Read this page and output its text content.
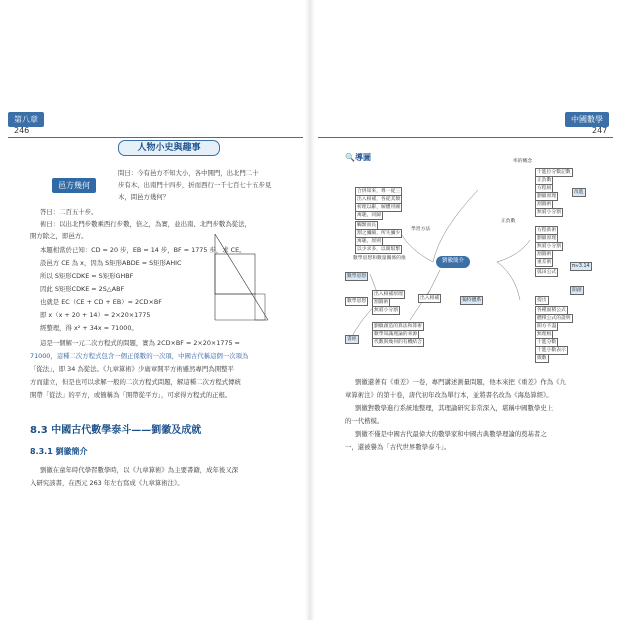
第八章
246
人物小史與趣事
邑方幾何
問曰：今有邑方不知大小，各中開門，出北門二十
步有木，出南門十四步，折而西行一千七百七十五步見
木，問邑方幾何？
答曰：二百五十步。
術曰：以出北門步數乘西行步數，倍之，為實，並出南、北門步數為從法，
開方除之，即邑方。
本題相當於已知：CD = 20 步，EB = 14 步，BF = 1775 步，求 CE。
設邑方 CE 為 x，因為 S矩形ABDE = S矩形AHIC
所以 S矩形CDKE = S矩形GHBF
因此 S矩形CDKE = 2S△ABF
也就是 EC（CE + CD + EB）= 2CD×BF
即 x（x + 20 + 14）= 2×20×1775
經整理，得 x² + 34x = 71000。
這是一個解一元二次方程式的問題，實為 2CD×BF = 2×20×1775 =
71000，這種二次方程式包含一個正係數的一次項，中國古代稱這個一次項為
「從法」，即 34 為從法。《九章算術》少廣章開平方術雖然專門為開整平
方而建立，但是也可以求解一般的二次方程式問題，解這種二次方程式傳統
開帶「從法」的平方，或簡稱為「開帶從平方」，可求得方程式的正根。
8.3 中國古代數學泰斗——劉徽及成就
8.3.1 劉徽簡介
劉徽在童年時代學習數學時，以《九章算術》為主要書籍，成年後又深
入研究該書，在西元 263 年左右寫成《九章算術注》。
中國數學
247
🔍導圖
合併知來，尊一從三
出入相補，各從其類
析理以辭，解體用圖
寓趣，同歸
觸類而長
割之彌細，所失彌少
寓趣，原則
以少求多，以簡馭繁
學習方法
數學思想和數量關係的推
數學思想
數學思想
出入相補原理
割圓術
無窮小分割
出入相補
劉徽創造的算法和算術
數學知識理論的來源
代數與幾何的有機結合
書經
劉徽簡介
獨特體系
率的概念
十進位分數記數
正負數
方程組
劉徽原理
割圓術
無窮小分割
改進
正負數
方程新術
劉徽原理
無窮小分割
割圓術
重差術
π≈3.14
弧田公式
開創
提出
各種面積公式
體積公式的證明
開方不盡
無理根
十進分數
十進小數表示
微數
劉徽還著有《重差》一卷，專門講述測量問題，他本來把《重差》作為《九
章算術注》的第十卷，唐代初年改為單行本，並將書名改為《海島算經》。
劉徽對數學進行系統地整理，其理論研究非常深入，堪稱中國數學史上
的一代楷模。
劉徽不僅是中國古代最偉大的數學家和中國古典數學理論的奠基者之
一，還被譽為「古代世界數學泰斗」。
